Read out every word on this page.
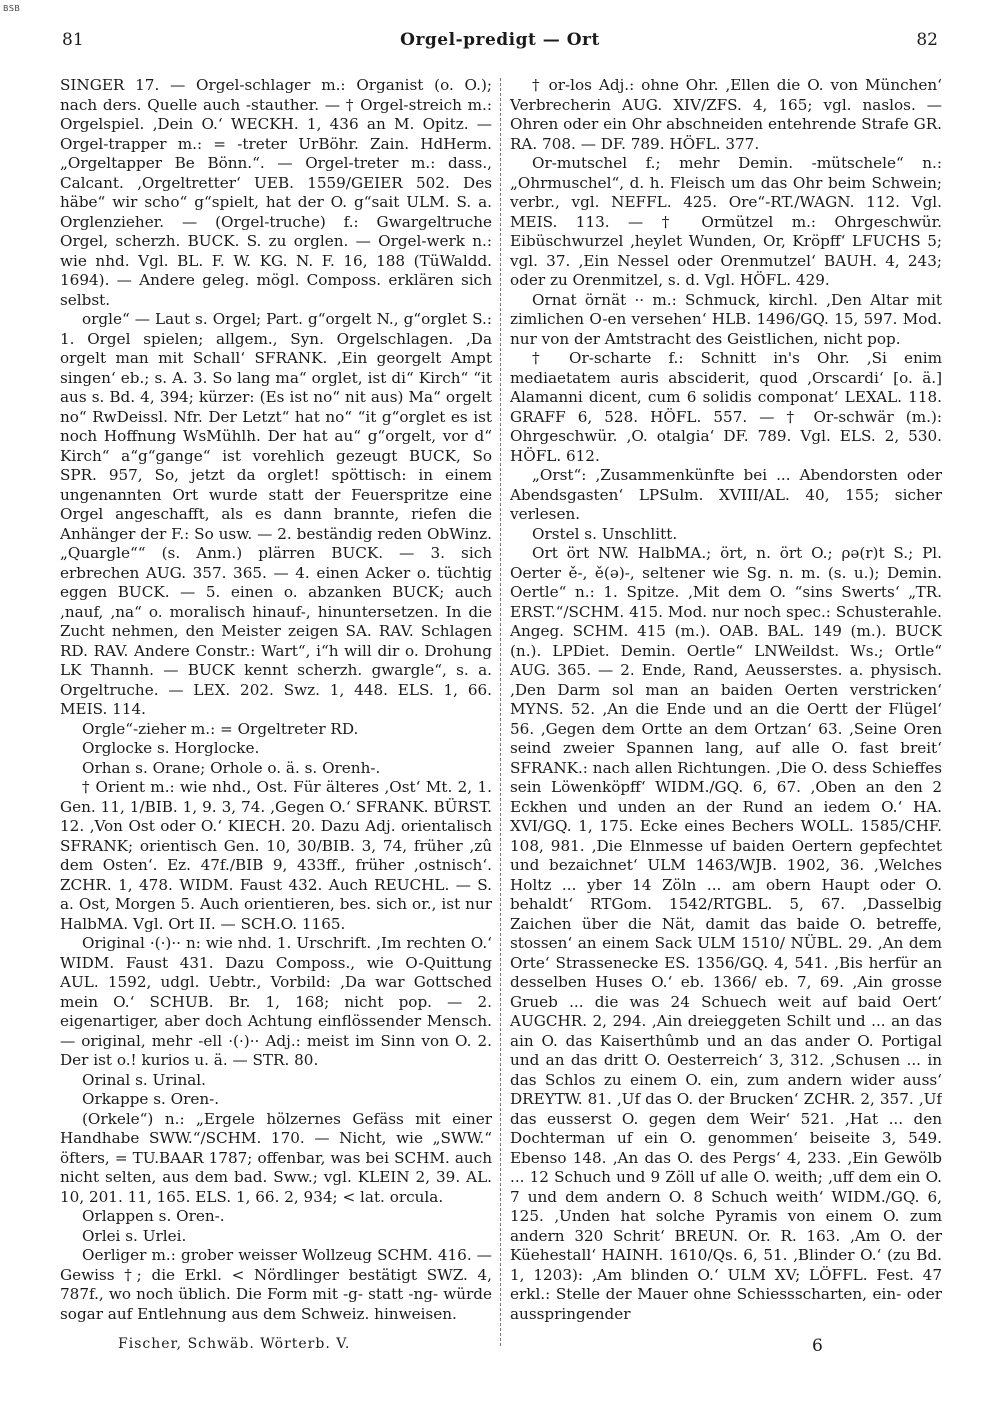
BSB
81	Orgel-predigt — Ort	82

SINGER 17. — Orgel-schlager m.: Organist (o. O.); nach ders. Quelle auch -stauther. — † Orgel-streich m.: Orgelspiel. ‚Dein O.‘ WECKH. 1, 436 an M. Opitz. — Orgel-trapper m.: = -treter UrBöhr. Zain. HdHerm. „Orgeltapper Be Bönn.“. — Orgel-treter m.: dass., Calcant. ‚Orgeltretter‘ UEB. 1559/GEIER 502. Des häbe“ wir scho“ g“spielt, hat der O. g“sait ULM. S. a. Orglenzieher. — (Orgel-truche) f.: Gwargeltruche Orgel, scherzh. BUCK. S. zu orglen. — Orgel-werk n.: wie nhd. Vgl. BL. F. W. KG. N. F. 16, 188 (TüWaldd. 1694). — Andere geleg. mögl. Composs. erklären sich selbst.

orgle“ — Laut s. Orgel; Part. g“orgelt N., g“orglet S.: 1. Orgel spielen; allgem., Syn. Orgelschlagen. ‚Da orgelt man mit Schall‘ SFRANK. ‚Ein georgelt Ampt singen‘ eb.; s. A. 3. So lang ma“ orglet, ist di“ Kirch“ “it aus s. Bd. 4, 394; kürzer: (Es ist no“ nit aus) Ma“ orgelt no“ RwDeissl. Nfr. Der Letzt“ hat no“ “it g“orglet es ist noch Hoffnung WsMühlh. Der hat au“ g“orgelt, vor d“ Kirch“ a“g“gange“ ist vorehlich gezeugt BUCK, So SPR. 957, So, jetzt da orglet! spöttisch: in einem ungenannten Ort wurde statt der Feuerspritze eine Orgel angeschafft, als es dann brannte, riefen die Anhänger der F.: So usw. — 2. beständig reden ObWinz. „Quargle““ (s. Anm.) plärren BUCK. — 3. sich erbrechen AUG. 357. 365. — 4. einen Acker o. tüchtig eggen BUCK. — 5. einen o. abzanken BUCK; auch ‚nauf, ‚na“ o. moralisch hinauf-, hinuntersetzen. In die Zucht nehmen, den Meister zeigen SA. RAV. Schlagen RD. RAV. Andere Constr.: Wart“, i“h will dir o. Drohung LK Thannh. — BUCK kennt scherzh. gwargle“, s. a. Orgeltruche. — LEX. 202. Swz. 1, 448. ELS. 1, 66. MEIS. 114.

Orgle“-zieher m.: = Orgeltreter RD.

Orglocke s. Horglocke.

Orhan s. Orane; Orhole o. ä. s. Orenh-.

† Orient m.: wie nhd., Ost. Für älteres ‚Ost‘ Mt. 2, 1. Gen. 11, 1/BIB. 1, 9. 3, 74. ‚Gegen O.‘ SFRANK. BÜRST. 12. ‚Von Ost oder O.‘ KIECH. 20. Dazu Adj. orientalisch SFRANK; orientisch Gen. 10, 30/BIB. 3, 74, früher ‚zû dem Osten‘. Ez. 47f./BIB 9, 433ff., früher ‚ostnisch‘. ZCHR. 1, 478. WIDM. Faust 432. Auch REUCHL. — S. a. Ost, Morgen 5. Auch orientieren, bes. sich or., ist nur HalbMA. Vgl. Ort II. — SCH.O. 1165.

Original ·(·)·· n: wie nhd. 1. Urschrift. ‚Im rechten O.‘ WIDM. Faust 431. Dazu Composs., wie O-Quittung AUL. 1592, udgl. Uebtr., Vorbild: ‚Da war Gottsched mein O.‘ SCHUB. Br. 1, 168; nicht pop. — 2. eigenartiger, aber doch Achtung einflössender Mensch. — original, mehr -ell ·(·)·· Adj.: meist im Sinn von O. 2. Der ist o.! kurios u. ä. — STR. 80.

Orinal s. Urinal.

Orkappe s. Oren-.

(Orkele“) n.: „Ergele hölzernes Gefäss mit einer Handhabe SWW.“/SCHM. 170. — Nicht, wie „SWW.“ öfters, = TU.BAAR 1787; offenbar, was bei SCHM. auch nicht selten, aus dem bad. Sww.; vgl. KLEIN 2, 39. AL. 10, 201. 11, 165. ELS. 1, 66. 2, 934; < lat. orcula.

Orlappen s. Oren-.

Orlei s. Urlei.

Oerliger m.: grober weisser Wollzeug SCHM. 416. — Gewiss †; die Erkl. < Nördlinger bestätigt SWZ. 4, 787f., wo noch üblich. Die Form mit -g- statt -ng- würde sogar auf Entlehnung aus dem Schweiz. hinweisen.

† or-los Adj.: ohne Ohr. ‚Ellen die O. von München‘ Verbrecherin AUG. XIV/ZFS. 4, 165; vgl. naslos. — Ohren oder ein Ohr abschneiden entehrende Strafe GR. RA. 708. — DF. 789. HÖFL. 377.

Or-mutschel f.; mehr Demin. -mütschele“ n.: „Ohrmuschel“, d. h. Fleisch um das Ohr beim Schwein; verbr., vgl. NEFFL. 425. Ore“-RT./WAGN. 112. Vgl. MEIS. 113. — † Ormützel m.: Ohrgeschwür. Eibüschwurzel ‚heylet Wunden, Or, Kröpff‘ LFUCHS 5; vgl. 37. ‚Ein Nessel oder Orenmutzel‘ BAUH. 4, 243; oder zu Orenmitzel, s. d. Vgl. HÖFL. 429.

Ornat örnät ·· m.: Schmuck, kirchl. ‚Den Altar mit zimlichen O-en versehen‘ HLB. 1496/GQ. 15, 597. Mod. nur von der Amtstracht des Geistlichen, nicht pop.

† Or-scharte f.: Schnitt in's Ohr. ‚Si enim mediaetatem auris absciderit, quod ‚Orscardi‘ [o. ä.] Alamanni dicent, cum 6 solidis componat‘ LEXAL. 118. GRAFF 6, 528. HÖFL. 557. — † Or-schwär (m.): Ohrgeschwür. ‚O. otalgia‘ DF. 789. Vgl. ELS. 2, 530. HÖFL. 612.

„Orst“: ‚Zusammenkünfte bei ... Abendorsten oder Abendsgasten‘ LPSulm. XVIII/AL. 40, 155; sicher verlesen.

Orstel s. Unschlitt.

Ort ört NW. HalbMA.; ört, n. ört O.; ρə(r)t S.; Pl. Oerter ě-, ě(ə)-, seltener wie Sg. n. m. (s. u.); Demin. Oertle“ n.: 1. Spitze. ‚Mit dem O. “sins Swerts‘ „TR. ERST.“/SCHM. 415. Mod. nur noch spec.: Schusterahle. Angeg. SCHM. 415 (m.). OAB. BAL. 149 (m.). BUCK (n.). LPDiet. Demin. Oertle“ LNWeildst. Ws.; Ortle“ AUG. 365. — 2. Ende, Rand, Aeusserstes. a. physisch. ‚Den Darm sol man an baiden Oerten verstricken‘ MYNS. 52. ‚An die Ende und an die Oertt der Flügel‘ 56. ‚Gegen dem Ortte an dem Ortzan‘ 63. ‚Seine Oren seind zweier Spannen lang, auf alle O. fast breit‘ SFRANK.: nach allen Richtungen. ‚Die O. dess Schieffes sein Löwenköpff‘ WIDM./GQ. 6, 67. ‚Oben an den 2 Eckhen und unden an der Rund an iedem O.‘ HA. XVI/GQ. 1, 175. Ecke eines Bechers WOLL. 1585/CHF. 108, 981. ‚Die Elnmesse uf baiden Oertern gepfechtet und bezaichnet‘ ULM 1463/WJB. 1902, 36. ‚Welches Holtz ... yber 14 Zöln ... am obern Haupt oder O. behaldt‘ RTGom. 1542/RTGBL. 5, 67. ‚Dasselbig Zaichen über die Nät, damit das baide O. betreffe, stossen‘ an einem Sack ULM 1510/ NÜBL. 29. ‚An dem Orte‘ Strassenecke ES. 1356/GQ. 4, 541. ‚Bis herfür an desselben Huses O.‘ eb. 1366/ eb. 7, 69. ‚Ain grosse Grueb ... die was 24 Schuech weit auf baid Oert‘ AUGCHR. 2, 294. ‚Ain dreieggeten Schilt und ... an das ain O. das Kaiserthûmb und an das ander O. Portigal und an das dritt O. Oesterreich‘ 3, 312. ‚Schusen ... in das Schlos zu einem O. ein, zum andern wider auss‘ DREYTW. 81. ‚Uf das O. der Brucken‘ ZCHR. 2, 357. ‚Uf das eusserst O. gegen dem Weir‘ 521. ‚Hat ... den Dochterman uf ein O. genommen‘ beiseite 3, 549. Ebenso 148. ‚An das O. des Pergs‘ 4, 233. ‚Ein Gewölb ... 12 Schuch und 9 Zöll uf alle O. weith; ‚uff dem ein O. 7 und dem andern O. 8 Schuch weith‘ WIDM./GQ. 6, 125. ‚Unden hat solche Pyramis von einem O. zum andern 320 Schrit‘ BREUN. Or. R. 163. ‚Am O. der Küehestall‘ HAINH. 1610/Qs. 6, 51. ‚Blinder O.‘ (zu Bd. 1, 1203): ‚Am blinden O.‘ ULM XV; LÖFFL. Fest. 47 erkl.: Stelle der Mauer ohne Schiessscharten, ein- oder ausspringender

Fischer, Schwäb. Wörterb. V.	6
